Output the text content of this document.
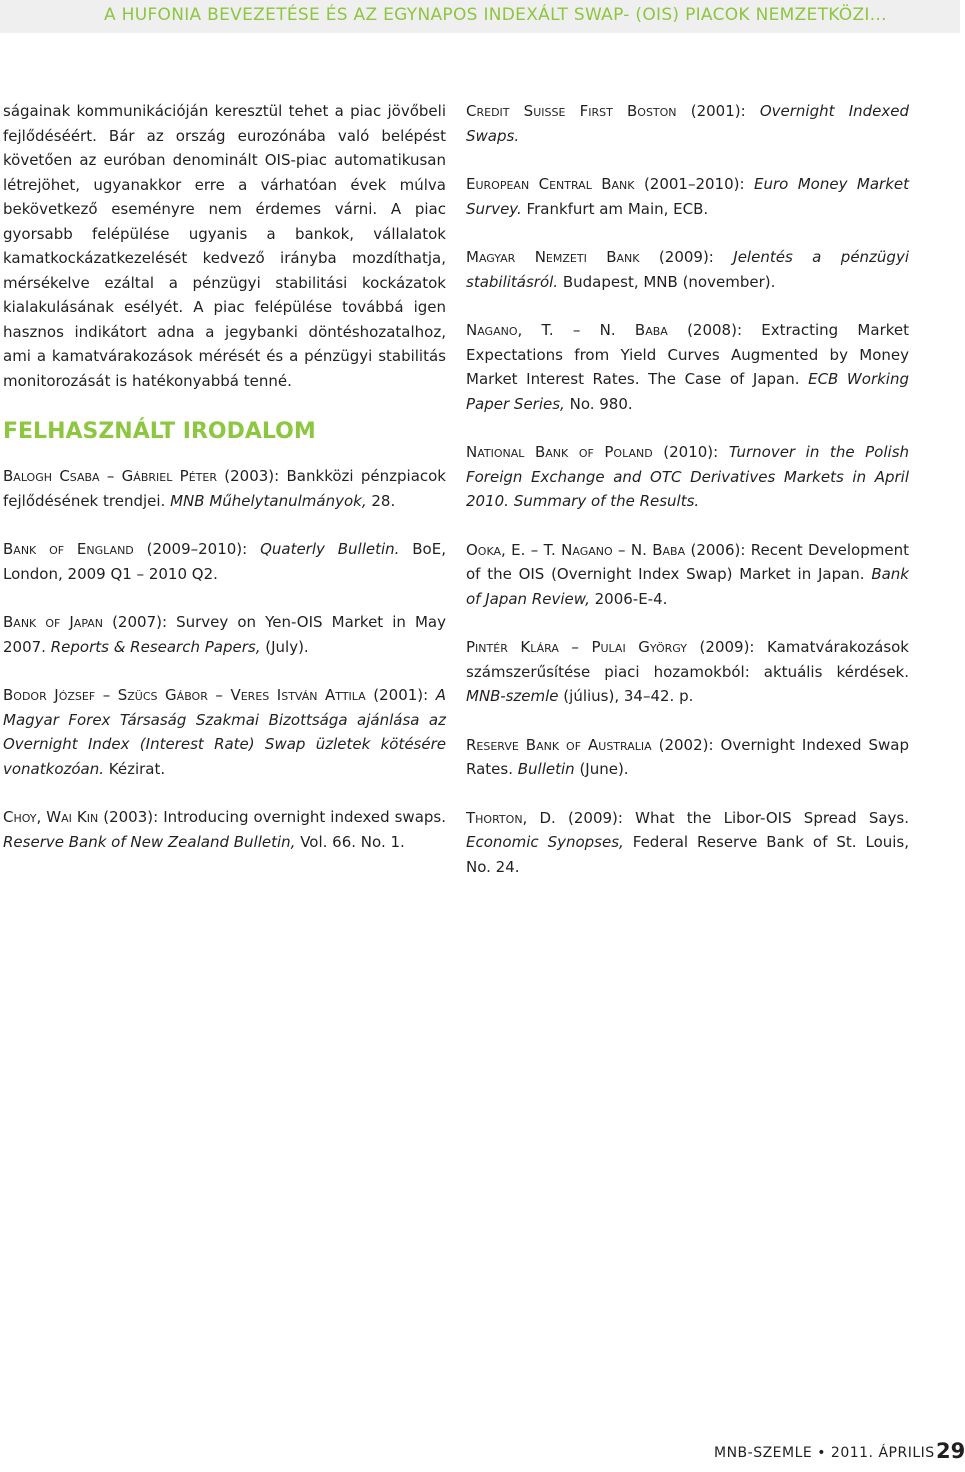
A HUFONIA BEVEZETÉSE ÉS AZ EGYNAPOS INDEXÁLT SWAP- (OIS) PIACOK NEMZETKÖZI...

ságainak kommunikációján keresztül tehet a piac jövőbeli fejlődéséért. Bár az ország eurozónába való belépést követően az euróban denominált OIS-piac automatikusan létrejöhet, ugyanakkor erre a várhatóan évek múlva bekövetkező eseményre nem érdemes várni. A piac gyorsabb felépülése ugyanis a bankok, vállalatok kamatkockázatkezelését kedvező irányba mozdíthatja, mérsékelve ezáltal a pénzügyi stabilitási kockázatok kialakulásának esélyét. A piac felépülése továbbá igen hasznos indikátort adna a jegybanki döntéshozatalhoz, ami a kamatvárakozások mérését és a pénzügyi stabilitás monitorozását is hatékonyabbá tenné.

FELHASZNÁLT IRODALOM

Balogh Csaba – Gábriel Péter (2003): Bankközi pénzpiacok fejlődésének trendjei. MNB Műhelytanulmányok, 28.

Bank of England (2009–2010): Quaterly Bulletin. BoE, London, 2009 Q1 – 2010 Q2.

Bank of Japan (2007): Survey on Yen-OIS Market in May 2007. Reports & Research Papers, (July).

Bodor József – Szücs Gábor – Veres István Attila (2001): A Magyar Forex Társaság Szakmai Bizottsága ajánlása az Overnight Index (Interest Rate) Swap üzletek kötésére vonatkozóan. Kézirat.

Choy, Wai Kin (2003): Introducing overnight indexed swaps. Reserve Bank of New Zealand Bulletin, Vol. 66. No. 1.

Credit Suisse First Boston (2001): Overnight Indexed Swaps.

European Central Bank (2001–2010): Euro Money Market Survey. Frankfurt am Main, ECB.

Magyar Nemzeti Bank (2009): Jelentés a pénzügyi stabilitásról. Budapest, MNB (november).

Nagano, T. – N. Baba (2008): Extracting Market Expectations from Yield Curves Augmented by Money Market Interest Rates. The Case of Japan. ECB Working Paper Series, No. 980.

National Bank of Poland (2010): Turnover in the Polish Foreign Exchange and OTC Derivatives Markets in April 2010. Summary of the Results.

Ooka, E. – T. Nagano – N. Baba (2006): Recent Development of the OIS (Overnight Index Swap) Market in Japan. Bank of Japan Review, 2006-E-4.

Pintér Klára – Pulai György (2009): Kamatvárakozások számszerűsítése piaci hozamokból: aktuális kérdések. MNB-szemle (július), 34–42. p.

Reserve Bank of Australia (2002): Overnight Indexed Swap Rates. Bulletin (June).

Thorton, D. (2009): What the Libor-OIS Spread Says. Economic Synopses, Federal Reserve Bank of St. Louis, No. 24.

MNB-SZEMLE • 2011. ÁPRILIS 29
